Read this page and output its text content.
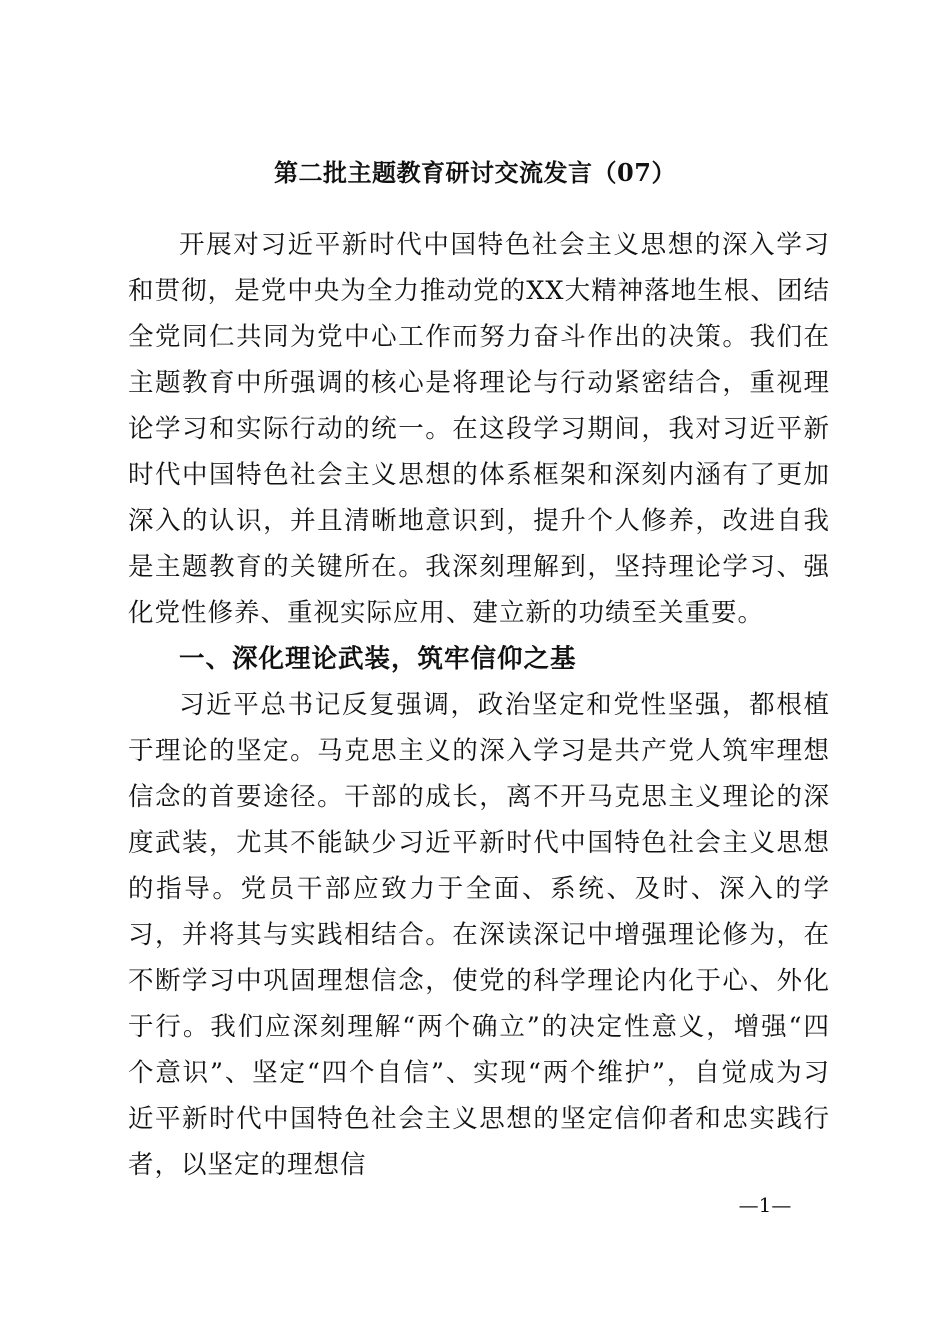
第二批主题教育研讨交流发言（07）

开展对习近平新时代中国特色社会主义思想的深入学习和贯彻，是党中央为全力推动党的XX大精神落地生根、团结全党同仁共同为党中心工作而努力奋斗作出的决策。我们在主题教育中所强调的核心是将理论与行动紧密结合，重视理论学习和实际行动的统一。在这段学习期间，我对习近平新时代中国特色社会主义思想的体系框架和深刻内涵有了更加深入的认识，并且清晰地意识到，提升个人修养，改进自我是主题教育的关键所在。我深刻理解到，坚持理论学习、强化党性修养、重视实际应用、建立新的功绩至关重要。

一、深化理论武装，筑牢信仰之基

习近平总书记反复强调，政治坚定和党性坚强，都根植于理论的坚定。马克思主义的深入学习是共产党人筑牢理想信念的首要途径。干部的成长，离不开马克思主义理论的深度武装，尤其不能缺少习近平新时代中国特色社会主义思想的指导。党员干部应致力于全面、系统、及时、深入的学习，并将其与实践相结合。在深读深记中增强理论修为，在不断学习中巩固理想信念，使党的科学理论内化于心、外化于行。我们应深刻理解“两个确立”的决定性意义，增强“四个意识”、坚定“四个自信”、实现“两个维护”，自觉成为习近平新时代中国特色社会主义思想的坚定信仰者和忠实践行者，以坚定的理想信

—1—
